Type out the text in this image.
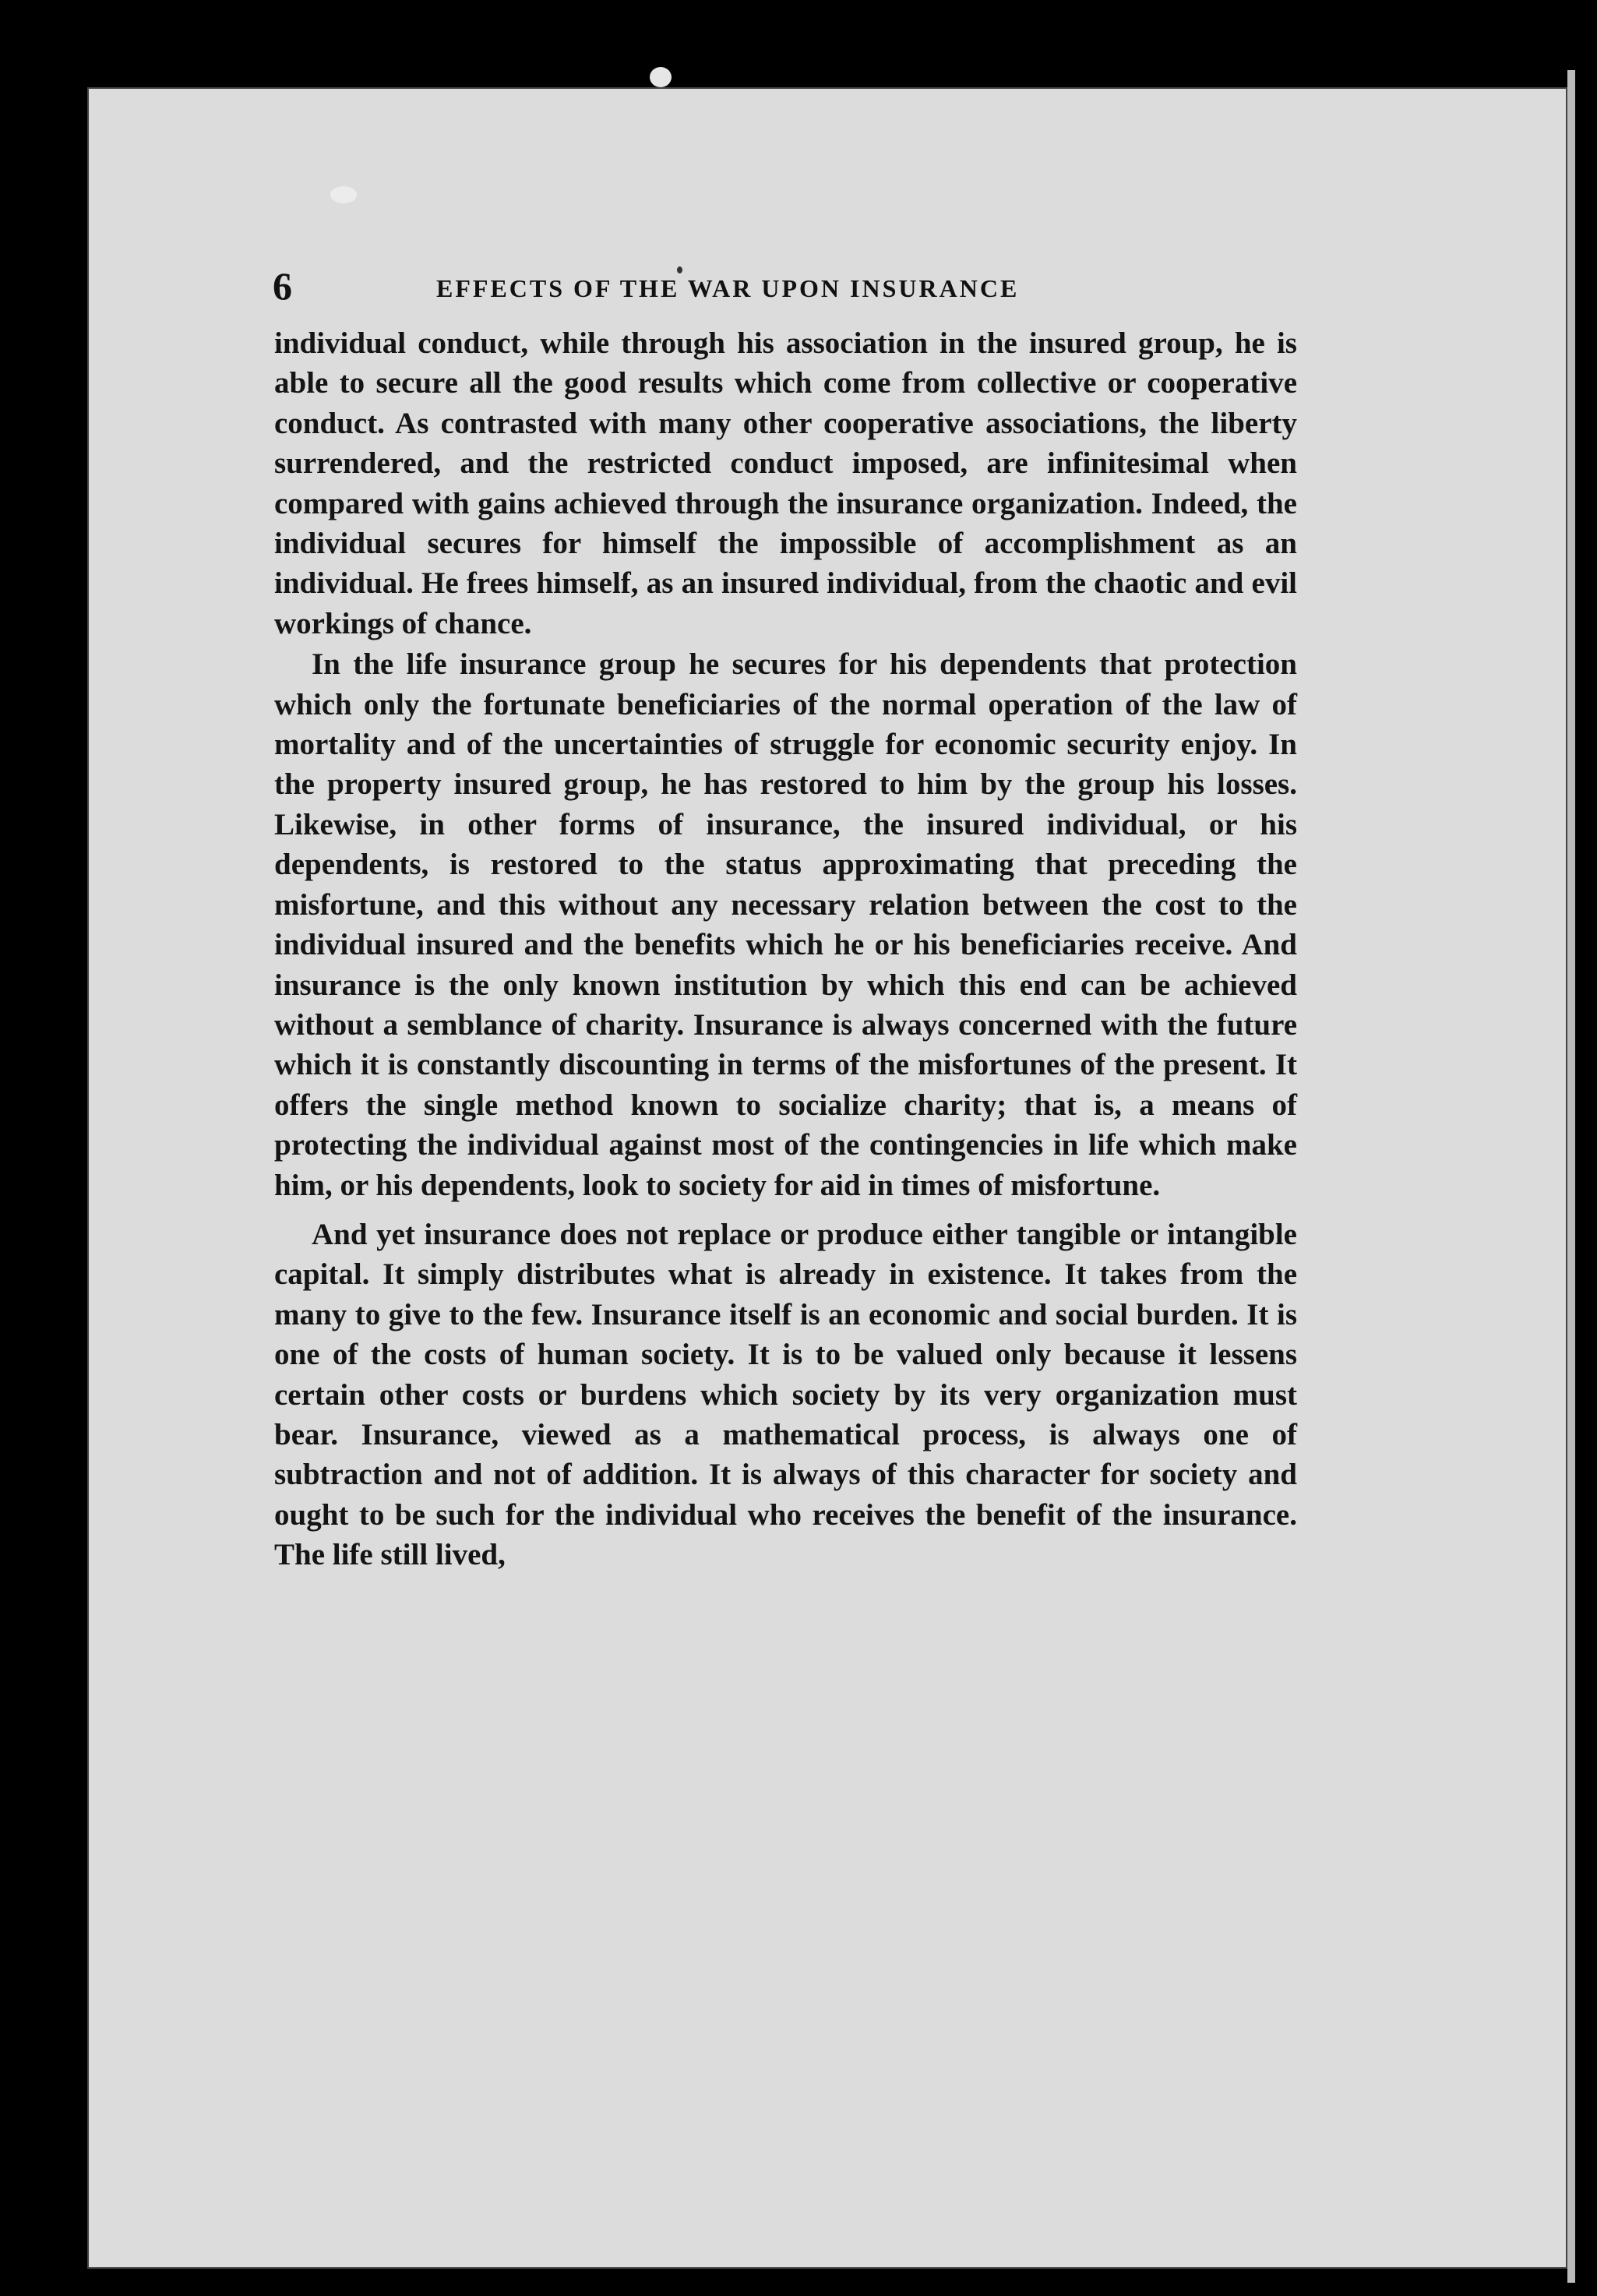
6	EFFECTS OF THE WAR UPON INSURANCE

individual conduct, while through his association in the insured group, he is able to secure all the good results which come from collective or cooperative conduct. As contrasted with many other cooperative associations, the liberty surrendered, and the restricted conduct imposed, are infinitesimal when compared with gains achieved through the insurance organization. Indeed, the individual secures for himself the impossible of accomplishment as an individual. He frees himself, as an insured individual, from the chaotic and evil workings of chance.

In the life insurance group he secures for his dependents that protection which only the fortunate beneficiaries of the normal operation of the law of mortality and of the uncertainties of struggle for economic security enjoy. In the property insured group, he has restored to him by the group his losses. Likewise, in other forms of insurance, the insured individual, or his dependents, is restored to the status approximating that preceding the misfortune, and this without any necessary relation between the cost to the individual insured and the benefits which he or his beneficiaries receive. And insurance is the only known institution by which this end can be achieved without a semblance of charity. Insurance is always concerned with the future which it is constantly discounting in terms of the misfortunes of the present. It offers the single method known to socialize charity; that is, a means of protecting the individual against most of the contingencies in life which make him, or his dependents, look to society for aid in times of misfortune.

And yet insurance does not replace or produce either tangible or intangible capital. It simply distributes what is already in existence. It takes from the many to give to the few. Insurance itself is an economic and social burden. It is one of the costs of human society. It is to be valued only because it lessens certain other costs or burdens which society by its very organization must bear. Insurance, viewed as a mathematical process, is always one of subtraction and not of addition. It is always of this character for society and ought to be such for the individual who receives the benefit of the insurance. The life still lived,
